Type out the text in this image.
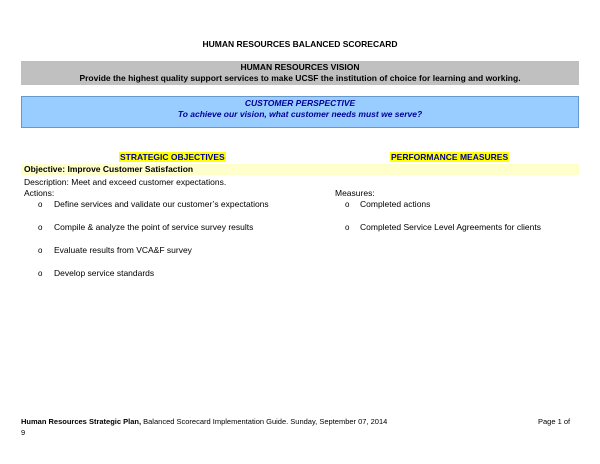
HUMAN RESOURCES BALANCED SCORECARD
HUMAN RESOURCES VISION
Provide the highest quality support services to make UCSF the institution of choice for learning and working.
CUSTOMER PERSPECTIVE
To achieve our vision, what customer needs must we serve?
STRATEGIC OBJECTIVES	PERFORMANCE MEASURES
Objective: Improve Customer Satisfaction
Description: Meet and exceed customer expectations.
Actions:	Measures:
o Define services and validate our customer’s expectations
o Compile & analyze the point of service survey results
o Evaluate results from VCA&F survey
o Develop service standards
o Completed actions
o Completed Service Level Agreements for clients
Human Resources Strategic Plan, Balanced Scorecard Implementation Guide. Sunday, September 07, 2014
9
Page 1 of
